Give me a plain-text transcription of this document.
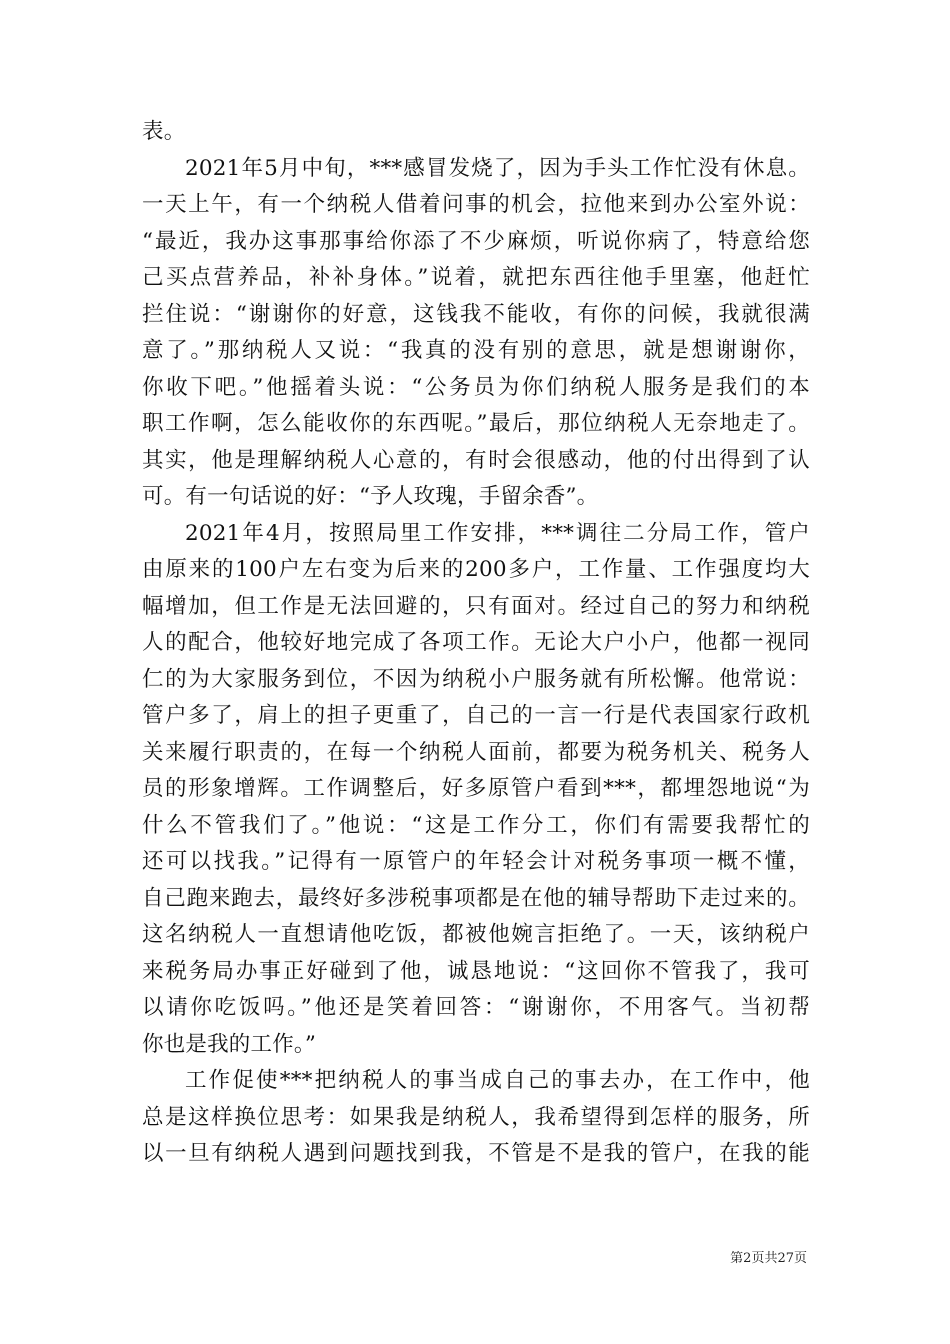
表。
2021年5月中旬，***感冒发烧了，因为手头工作忙没有休息。
一天上午，有一个纳税人借着问事的机会，拉他来到办公室外说：
“最近，我办这事那事给你添了不少麻烦，听说你病了，特意给您
己买点营养品，补补身体。”说着，就把东西往他手里塞，他赶忙
拦住说：“谢谢你的好意，这钱我不能收，有你的问候，我就很满
意了。”那纳税人又说：“我真的没有别的意思，就是想谢谢你，
你收下吧。”他摇着头说：“公务员为你们纳税人服务是我们的本
职工作啊，怎么能收你的东西呢。”最后，那位纳税人无奈地走了。
其实，他是理解纳税人心意的，有时会很感动，他的付出得到了认
可。有一句话说的好：“予人玫瑰，手留余香”。
2021年4月，按照局里工作安排，***调往二分局工作，管户
由原来的100户左右变为后来的200多户，工作量、工作强度均大
幅增加，但工作是无法回避的，只有面对。经过自己的努力和纳税
人的配合，他较好地完成了各项工作。无论大户小户，他都一视同
仁的为大家服务到位，不因为纳税小户服务就有所松懈。他常说：
管户多了，肩上的担子更重了，自己的一言一行是代表国家行政机
关来履行职责的，在每一个纳税人面前，都要为税务机关、税务人
员的形象增辉。工作调整后，好多原管户看到***，都埋怨地说“为
什么不管我们了。”他说：“这是工作分工，你们有需要我帮忙的
还可以找我。”记得有一原管户的年轻会计对税务事项一概不懂，
自己跑来跑去，最终好多涉税事项都是在他的辅导帮助下走过来的。
这名纳税人一直想请他吃饭，都被他婉言拒绝了。一天，该纳税户
来税务局办事正好碰到了他，诚恳地说：“这回你不管我了，我可
以请你吃饭吗。”他还是笑着回答：“谢谢你，不用客气。当初帮
你也是我的工作。”
工作促使***把纳税人的事当成自己的事去办，在工作中，他
总是这样换位思考：如果我是纳税人，我希望得到怎样的服务，所
以一旦有纳税人遇到问题找到我，不管是不是我的管户，在我的能
第2页共27页
